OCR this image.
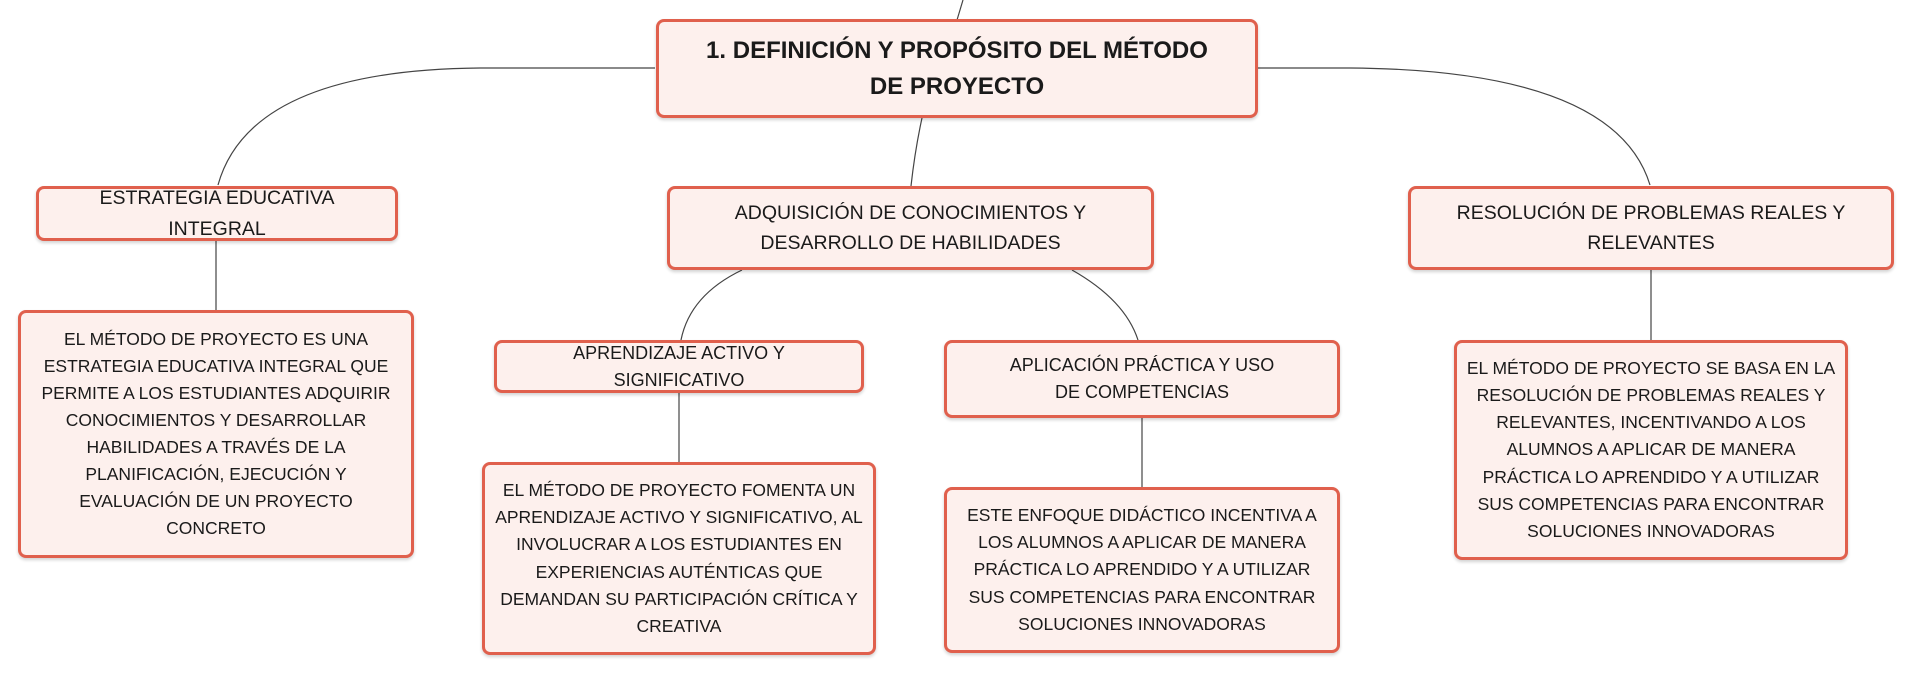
1. DEFINICIÓN Y PROPÓSITO DEL MÉTODO DE PROYECTO
ESTRATEGIA EDUCATIVA INTEGRAL
ADQUISICIÓN DE CONOCIMIENTOS Y DESARROLLO DE HABILIDADES
RESOLUCIÓN DE PROBLEMAS REALES Y RELEVANTES
APRENDIZAJE ACTIVO Y SIGNIFICATIVO
APLICACIÓN PRÁCTICA Y USO DE COMPETENCIAS
EL MÉTODO DE PROYECTO ES UNA ESTRATEGIA EDUCATIVA INTEGRAL QUE PERMITE A LOS ESTUDIANTES ADQUIRIR CONOCIMIENTOS Y DESARROLLAR HABILIDADES A TRAVÉS DE LA PLANIFICACIÓN, EJECUCIÓN Y EVALUACIÓN DE UN PROYECTO CONCRETO
EL MÉTODO DE PROYECTO FOMENTA UN APRENDIZAJE ACTIVO Y SIGNIFICATIVO, AL INVOLUCRAR A LOS ESTUDIANTES EN EXPERIENCIAS AUTÉNTICAS QUE DEMANDAN SU PARTICIPACIÓN CRÍTICA Y CREATIVA
ESTE ENFOQUE DIDÁCTICO INCENTIVA A LOS ALUMNOS A APLICAR DE MANERA PRÁCTICA LO APRENDIDO Y A UTILIZAR SUS COMPETENCIAS PARA ENCONTRAR SOLUCIONES INNOVADORAS
EL MÉTODO DE PROYECTO SE BASA EN LA RESOLUCIÓN DE PROBLEMAS REALES Y RELEVANTES, INCENTIVANDO A LOS ALUMNOS A APLICAR DE MANERA PRÁCTICA LO APRENDIDO Y A UTILIZAR SUS COMPETENCIAS PARA ENCONTRAR SOLUCIONES INNOVADORAS
